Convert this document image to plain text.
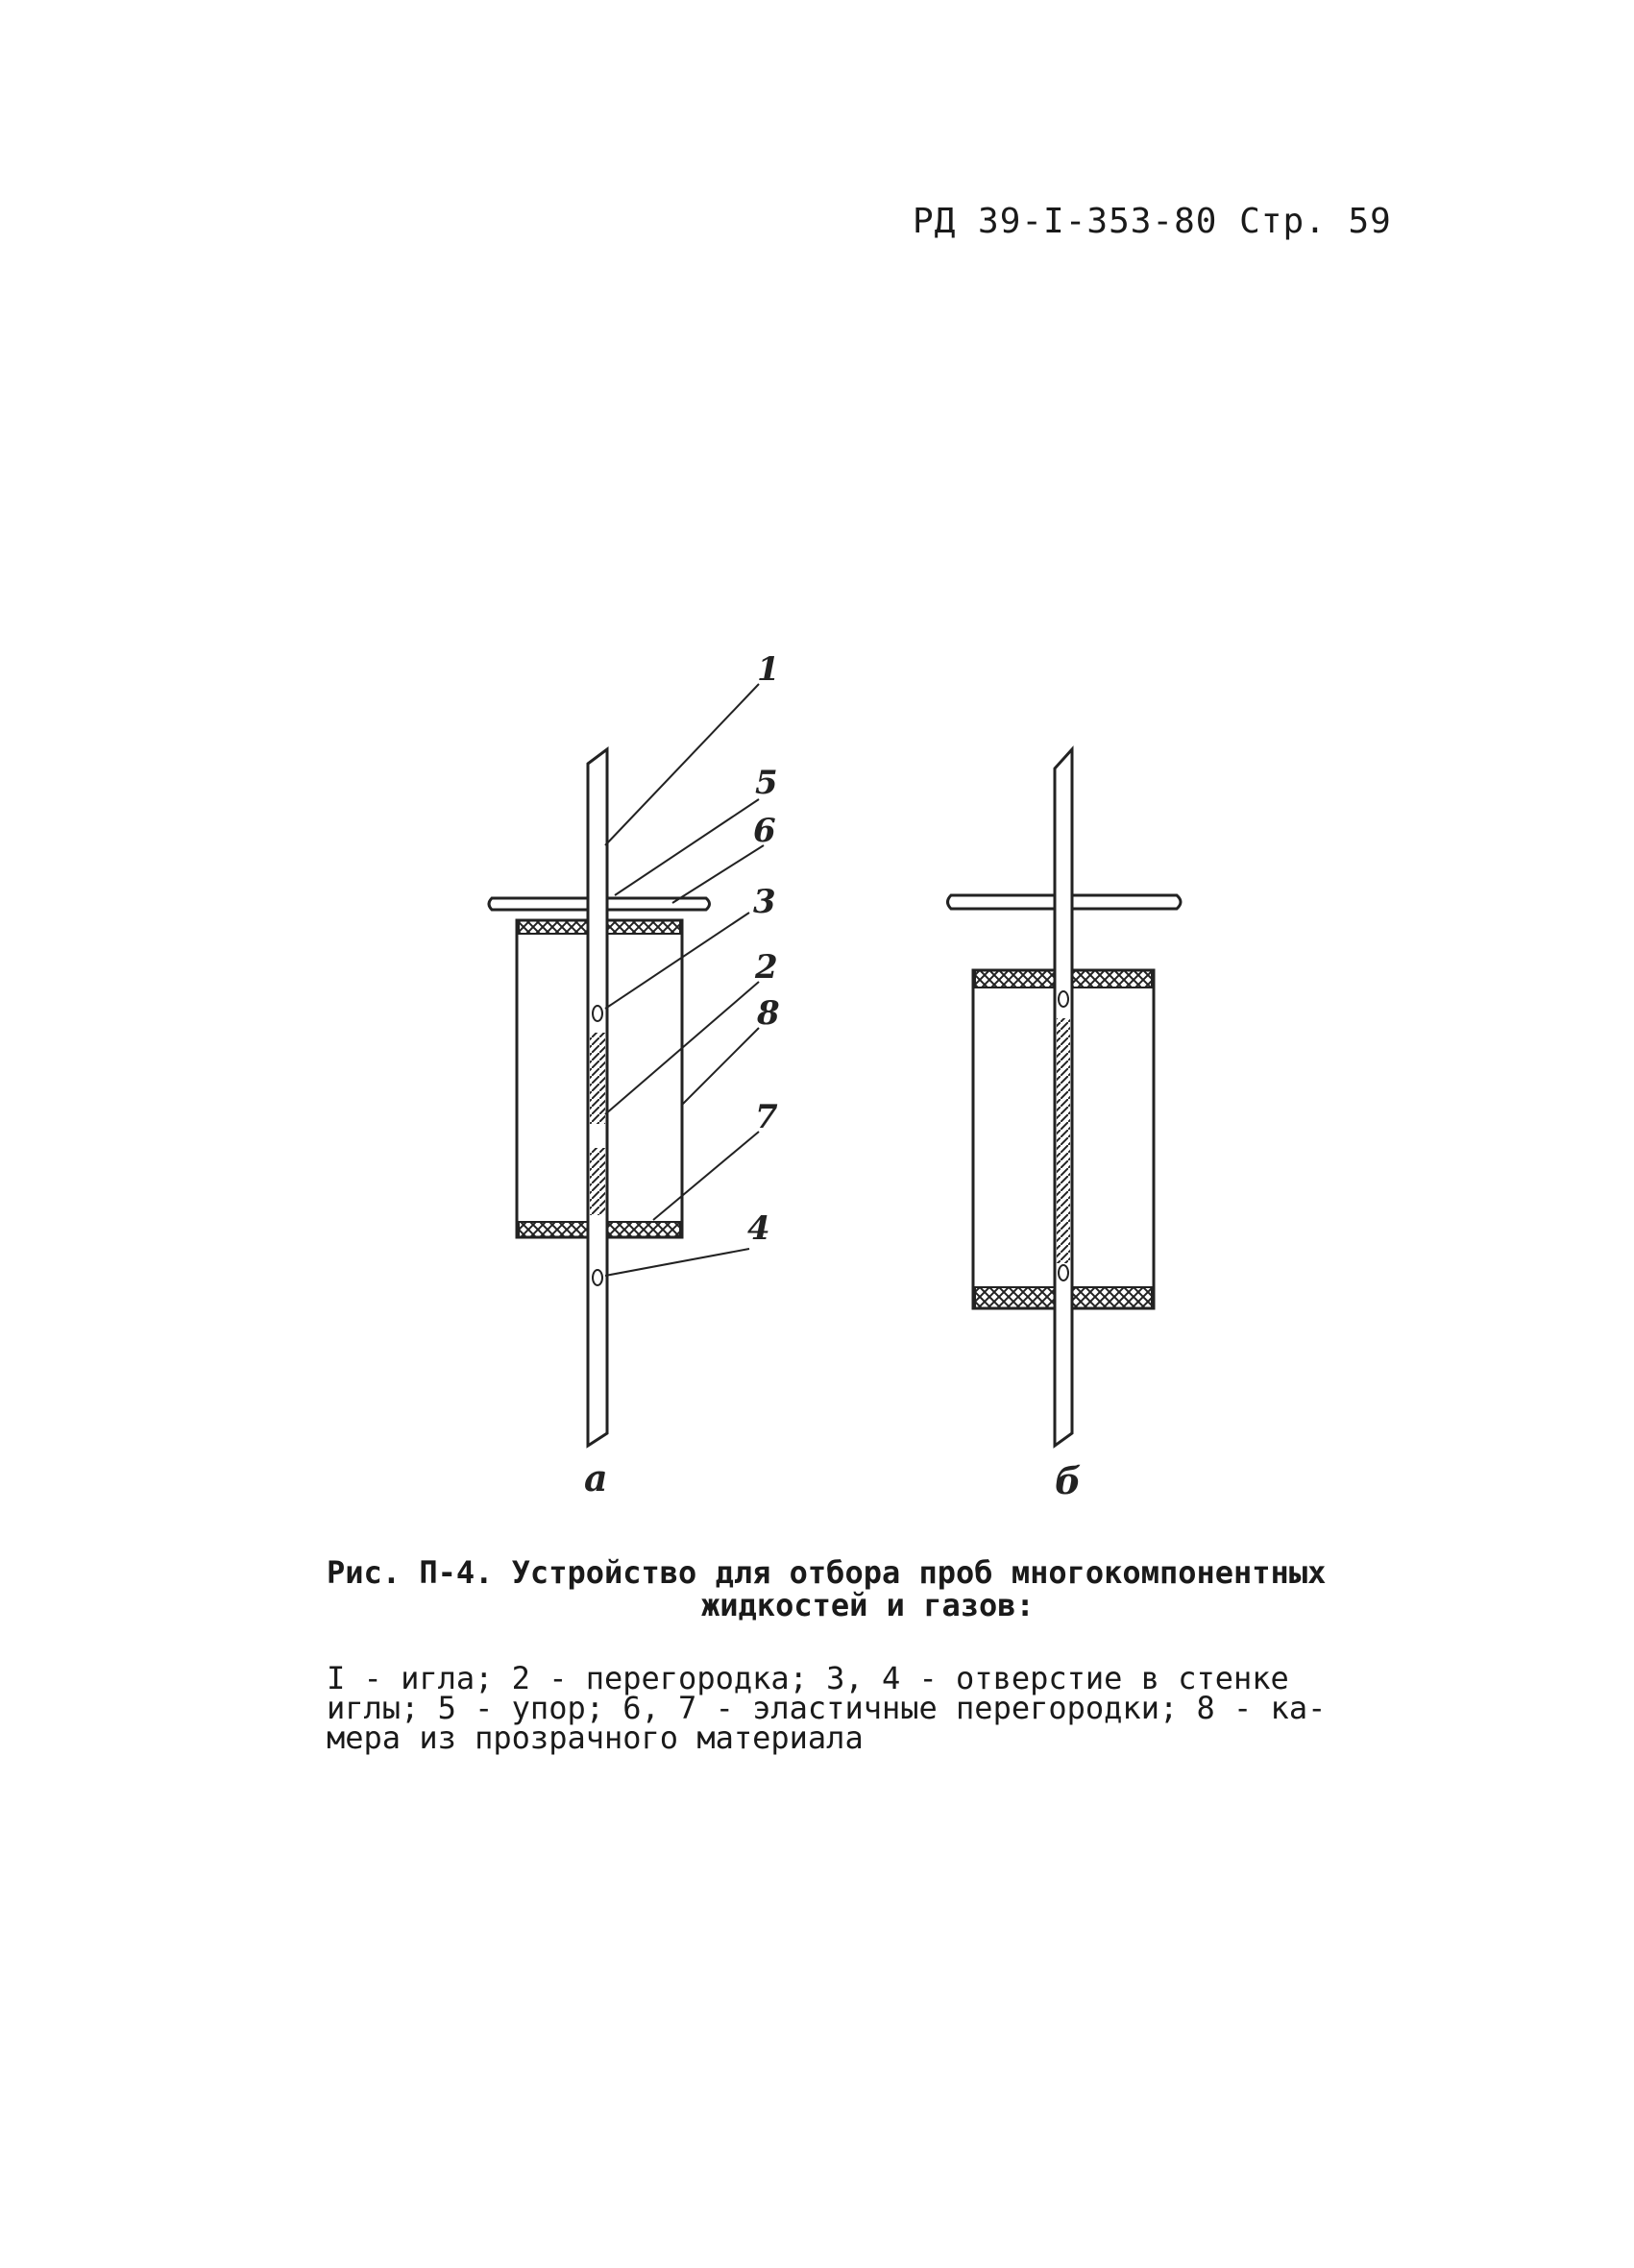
РД 39-I-353-80 Стр. 59
1
5
6
3
2
8
7
4
а	б
Рис. П-4. Устройство для отбора проб многокомпонентных
жидкостей и газов:
I - игла; 2 - перегородка; 3, 4 - отверстие в стенке
иглы; 5 - упор; 6, 7 - эластичные перегородки; 8 - ка-
мера из прозрачного материала
